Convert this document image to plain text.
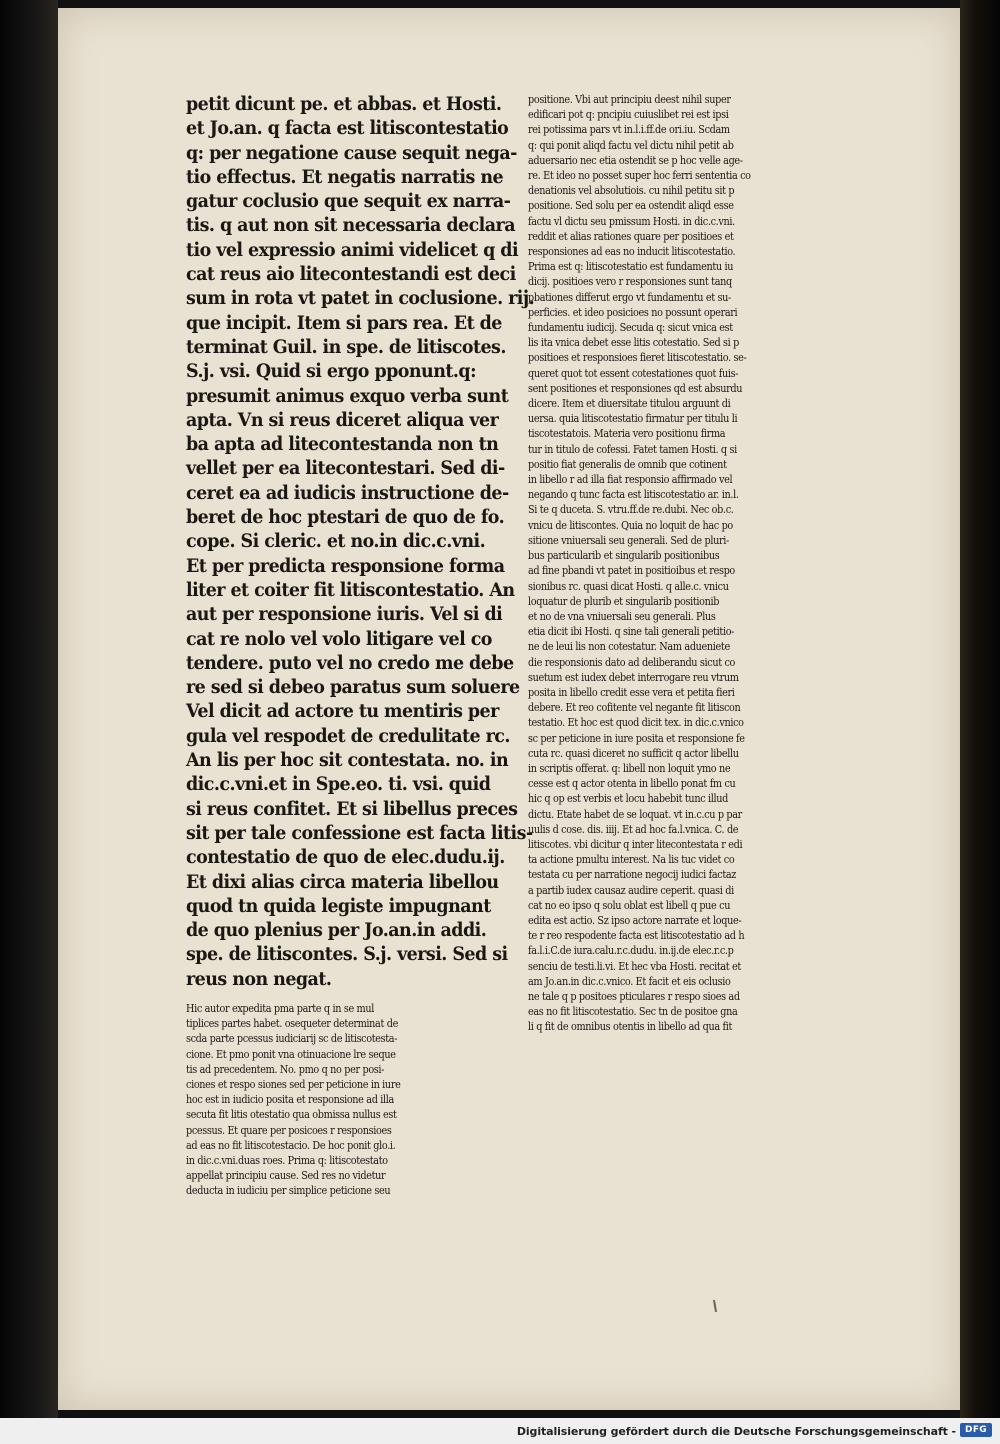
petit dicunt pe. et abbas. et Hosti.

et Jo.an. q facta est litiscontestatio

q: per negatione cause sequit nega-

tio effectus. Et negatis narratis ne

gatur coclusio que sequit ex narra-

tis. q aut non sit necessaria declara

tio vel expressio animi videlicet q di

cat reus aio litecontestandi est deci

sum in rota vt patet in coclusione. rij.

que incipit. Item si pars rea. Et de

terminat Guil. in spe. de litiscotes.

S.j. vsi. Quid si ergo pponunt.q:

presumit animus exquo verba sunt

apta. Vn si reus diceret aliqua ver

ba apta ad litecontestanda non tn

vellet per ea litecontestari. Sed di-

ceret ea ad iudicis instructione de-

beret de hoc ptestari de quo de fo.

cope. Si cleric. et no.in dic.c.vni.

Et per predicta responsione forma

liter et coiter fit litiscontestatio. An

aut per responsione iuris. Vel si di

cat re nolo vel volo litigare vel co

tendere. puto vel no credo me debe

re sed si debeo paratus sum soluere

Vel dicit ad actore tu mentiris per

gula vel respodet de credulitate rc.

An lis per hoc sit contestata. no. in

dic.c.vni.et in Spe.eo. ti. vsi. quid

si reus confitet. Et si libellus preces

sit per tale confessione est facta litis-

contestatio de quo de elec.dudu.ij.

Et dixi alias circa materia libellou

quod tn quida legiste impugnant

de quo plenius per Jo.an.in addi.

spe. de litiscontes. S.j. versi. Sed si

reus non negat.

Hic autor expedita pma parte q in se mul

tiplices partes habet. osequeter determinat de

scda parte pcessus iudiciarij sc de litiscotesta-

cione. Et pmo ponit vna otinuacione lre seque

tis ad precedentem. No. pmo q no per posi-

ciones et respo siones sed per peticione in iure

hoc est in iudicio posita et responsione ad illa

secuta fit litis otestatio qua obmissa nullus est

pcessus. Et quare per posicoes r responsioes

ad eas no fit litiscotestacio. De hoc ponit glo.i.

in dic.c.vni.duas roes. Prima q: litiscotestato

appellat principiu cause. Sed res no videtur

deducta in iudiciu per simplice peticione seu

positione. Vbi aut principiu deest nihil super

edificari pot q: pncipiu cuiuslibet rei est ipsi

rei potissima pars vt in.l.i.ff.de ori.iu. Scdam

q: qui ponit aliqd factu vel dictu nihil petit ab

aduersario nec etia ostendit se p hoc velle age-

re. Et ideo no posset super hoc ferri sententia co

denationis vel absolutiois. cu nihil petitu sit p

positione. Sed solu per ea ostendit aliqd esse

factu vl dictu seu pmissum Hosti. in dic.c.vni.

reddit et alias rationes quare per positioes et

responsiones ad eas no inducit litiscotestatio.

Prima est q: litiscotestatio est fundamentu iu

dicij. positioes vero r responsiones sunt tanq

pbationes differut ergo vt fundamentu et su-

perficies. et ideo posicioes no possunt operari

fundamentu iudicij. Secuda q: sicut vnica est

lis ita vnica debet esse litis cotestatio. Sed si p

positioes et responsioes fieret litiscotestatio. se-

queret quot tot essent cotestationes quot fuis-

sent positiones et responsiones qd est absurdu

dicere. Item et diuersitate titulou arguunt di

uersa. quia litiscotestatio firmatur per titulu li

tiscotestatois. Materia vero positionu firma

tur in titulo de cofessi. Fatet tamen Hosti. q si

positio fiat generalis de omnib que cotinent

in libello r ad illa fiat responsio affirmado vel

negando q tunc facta est litiscotestatio ar. in.l.

Si te q duceta. S. vtru.ff.de re.dubi. Nec ob.c.

vnicu de litiscontes. Quia no loquit de hac po

sitione vniuersali seu generali. Sed de pluri-

bus particularib et singularib positionibus

ad fine pbandi vt patet in positioibus et respo

sionibus rc. quasi dicat Hosti. q alle.c. vnicu

loquatur de plurib et singularib positionib

et no de vna vniuersali seu generali. Plus

etia dicit ibi Hosti. q sine tali generali petitio-

ne de leui lis non cotestatur. Nam adueniete

die responsionis dato ad deliberandu sicut co

suetum est iudex debet interrogare reu vtrum

posita in libello credit esse vera et petita fieri

debere. Et reo cofitente vel negante fit litiscon

testatio. Et hoc est quod dicit tex. in dic.c.vnico

sc per peticione in iure posita et responsione fe

cuta rc. quasi diceret no sufficit q actor libellu

in scriptis offerat. q: libell non loquit ymo ne

cesse est q actor otenta in libello ponat fm cu

hic q op est verbis et locu habebit tunc illud

dictu. Etate habet de se loquat. vt in.c.cu p par

uulis d cose. dis. iiij. Et ad hoc fa.l.vnica. C. de

litiscotes. vbi dicitur q inter litecontestata r edi

ta actione pmultu interest. Na lis tuc videt co

testata cu per narratione negocij iudici factaz

a partib iudex causaz audire ceperit. quasi di

cat no eo ipso q solu oblat est libell q pue cu

edita est actio. Sz ipso actore narrate et loque-

te r reo respodente facta est litiscotestatio ad h

fa.l.i.C.de iura.calu.r.c.dudu. in.ij.de elec.r.c.p

senciu de testi.li.vi. Et hec vba Hosti. recitat et

am Jo.an.in dic.c.vnico. Et facit et eis oclusio

ne tale q p positoes pticulares r respo sioes ad

eas no fit litiscotestatio. Sec tn de positoe gna

li q fit de omnibus otentis in libello ad qua fit

Digitalisierung gefördert durch die Deutsche Forschungsgemeinschaft - DFG
